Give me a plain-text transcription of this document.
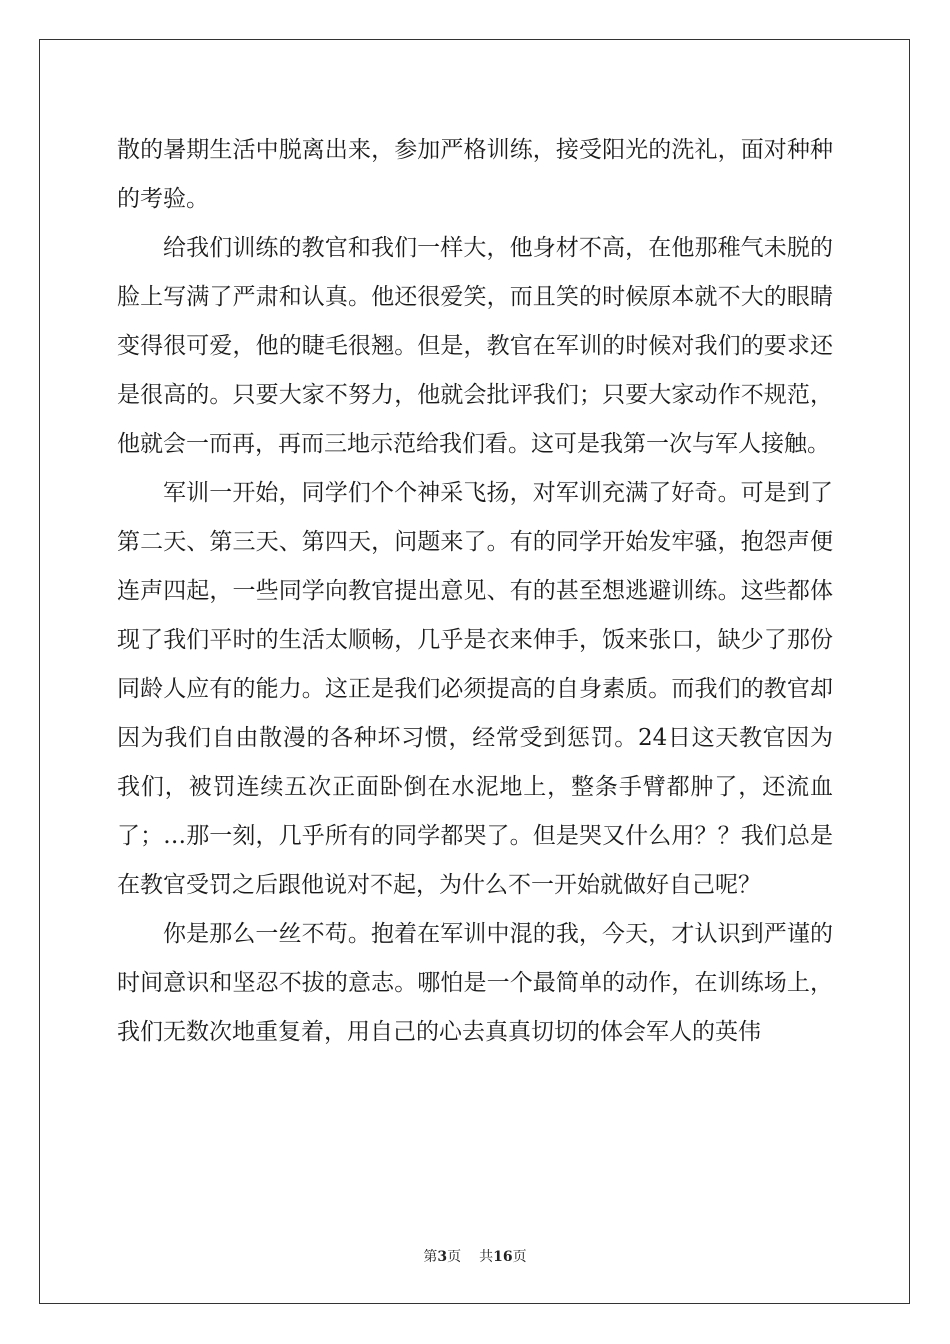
散的暑期生活中脱离出来，参加严格训练，接受阳光的洗礼，面对种种的考验。

给我们训练的教官和我们一样大，他身材不高，在他那稚气未脱的脸上写满了严肃和认真。他还很爱笑，而且笑的时候原本就不大的眼睛变得很可爱，他的睫毛很翘。但是，教官在军训的时候对我们的要求还是很高的。只要大家不努力，他就会批评我们；只要大家动作不规范，他就会一而再，再而三地示范给我们看。这可是我第一次与军人接触。

军训一开始，同学们个个神采飞扬，对军训充满了好奇。可是到了第二天、第三天、第四天，问题来了。有的同学开始发牢骚，抱怨声便连声四起，一些同学向教官提出意见、有的甚至想逃避训练。这些都体现了我们平时的生活太顺畅，几乎是衣来伸手，饭来张口，缺少了那份同龄人应有的能力。这正是我们必须提高的自身素质。而我们的教官却因为我们自由散漫的各种坏习惯，经常受到惩罚。24日这天教官因为我们，被罚连续五次正面卧倒在水泥地上，整条手臂都肿了，还流血了；…那一刻，几乎所有的同学都哭了。但是哭又什么用？？我们总是在教官受罚之后跟他说对不起，为什么不一开始就做好自己呢？

你是那么一丝不苟。抱着在军训中混的我，今天，才认识到严谨的时间意识和坚忍不拔的意志。哪怕是一个最简单的动作，在训练场上，我们无数次地重复着，用自己的心去真真切切的体会军人的英伟

第3页 共16页
